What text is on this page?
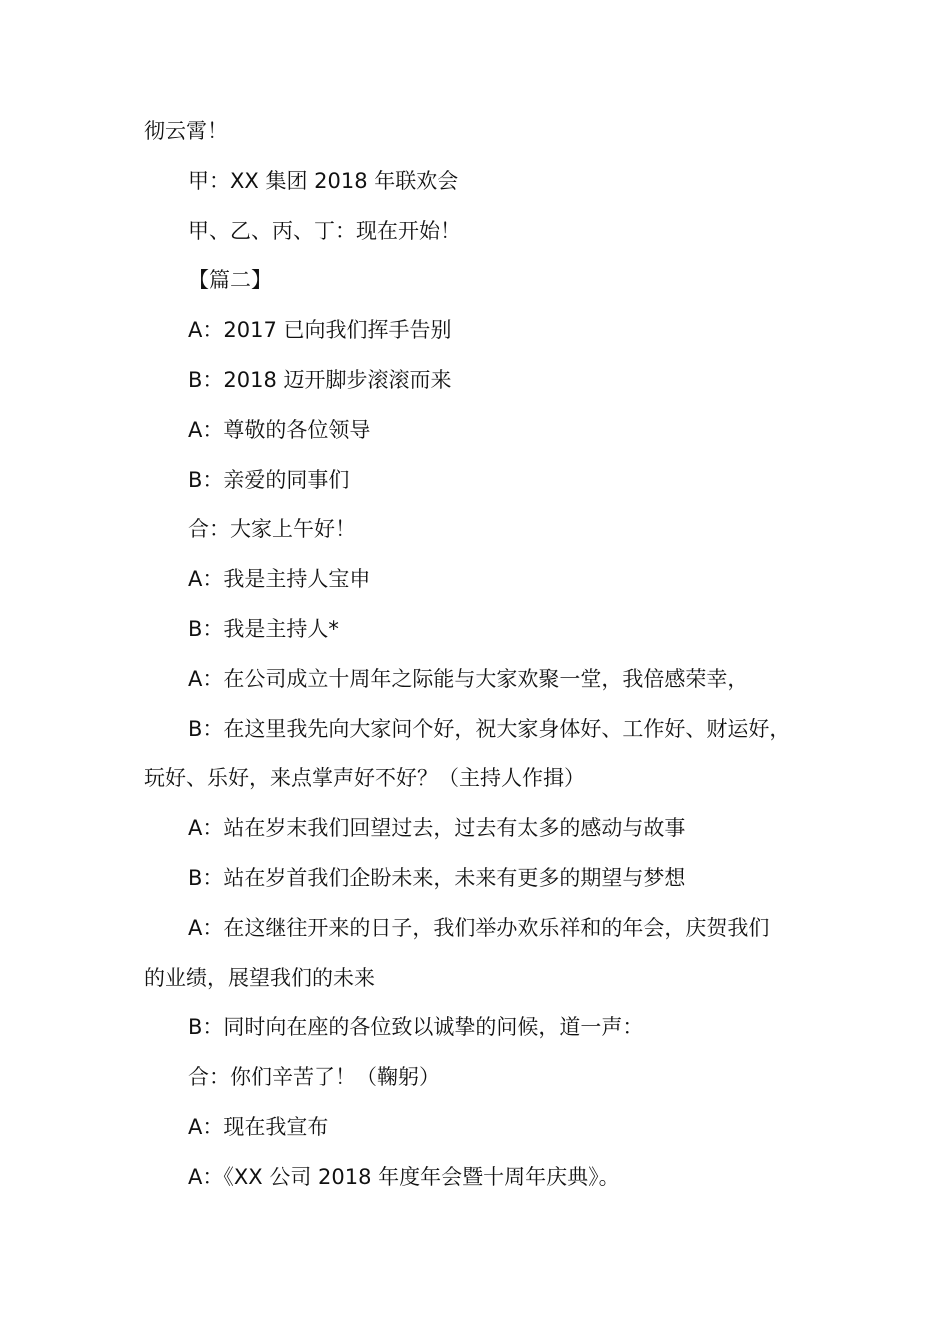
彻云霄！
甲：XX 集团 2018 年联欢会
甲、乙、丙、丁：现在开始！
【篇二】
A：2017 已向我们挥手告别
B：2018 迈开脚步滚滚而来
A：尊敬的各位领导
B：亲爱的同事们
合：大家上午好！
A：我是主持人宝申
B：我是主持人*
A：在公司成立十周年之际能与大家欢聚一堂，我倍感荣幸，
B：在这里我先向大家问个好，祝大家身体好、工作好、财运好，
玩好、乐好，来点掌声好不好？（主持人作揖）
A：站在岁末我们回望过去，过去有太多的感动与故事
B：站在岁首我们企盼未来，未来有更多的期望与梦想
A：在这继往开来的日子，我们举办欢乐祥和的年会，庆贺我们
的业绩，展望我们的未来
B：同时向在座的各位致以诚挚的问候，道一声：
合：你们辛苦了！（鞠躬）
A：现在我宣布
A：《XX 公司 2018 年度年会暨十周年庆典》。
